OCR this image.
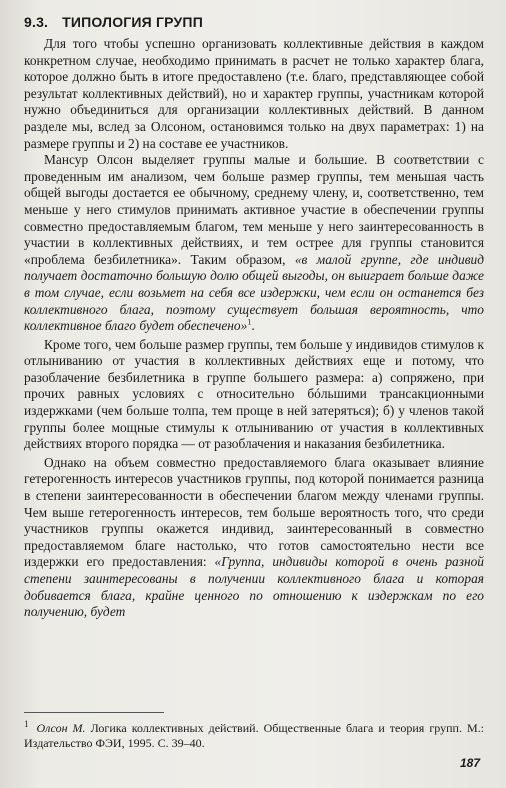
9.3. ТИПОЛОГИЯ ГРУПП

Для того чтобы успешно организовать коллективные действия в каждом конкретном случае, необходимо принимать в расчет не только характер блага, которое должно быть в итоге предоставлено (т.е. благо, представляющее собой результат коллективных действий), но и характер группы, участникам которой нужно объединиться для организации коллективных действий. В данном разделе мы, вслед за Олсоном, остановимся только на двух параметрах: 1) на размере группы и 2) на составе ее участников.

Мансур Олсон выделяет группы малые и большие. В соответствии с проведенным им анализом, чем больше размер группы, тем меньшая часть общей выгоды достается ее обычному, среднему члену, и, соответственно, тем меньше у него стимулов принимать активное участие в обеспечении группы совместно предоставляемым благом, тем меньше у него заинтересованность в участии в коллективных действиях, и тем острее для группы становится «проблема безбилетника». Таким образом, «в малой группе, где индивид получает достаточно большую долю общей выгоды, он выиграет больше даже в том случае, если возьмет на себя все издержки, чем если он останется без коллективного блага, поэтому существует большая вероятность, что коллективное благо будет обеспечено»$^1$.

Кроме того, чем больше размер группы, тем больше у индивидов стимулов к отлыниванию от участия в коллективных действиях еще и потому, что разоблачение безбилетника в группе большего размера: а) сопряжено, при прочих равных условиях с относительно бóльшими трансакционными издержками (чем больше толпа, тем проще в ней затеряться); б) у членов такой группы более мощные стимулы к отлыниванию от участия в коллективных действиях второго порядка — от разоблачения и наказания безбилетника.

Однако на объем совместно предоставляемого блага оказывает влияние гетерогенность интересов участников группы, под которой понимается разница в степени заинтересованности в обеспечении благом между членами группы. Чем выше гетерогенность интересов, тем больше вероятность того, что среди участников группы окажется индивид, заинтересованный в совместно предоставляемом благе настолько, что готов самостоятельно нести все издержки его предоставления: «Группа, индивиды которой в очень разной степени заинтересованы в получении коллективного блага и которая добивается блага, крайне ценного по отношению к издержкам по его получению, будет

$^1$ Олсон М. Логика коллективных действий. Общественные блага и теория групп. М.: Издательство ФЭИ, 1995. С. 39–40.
187
